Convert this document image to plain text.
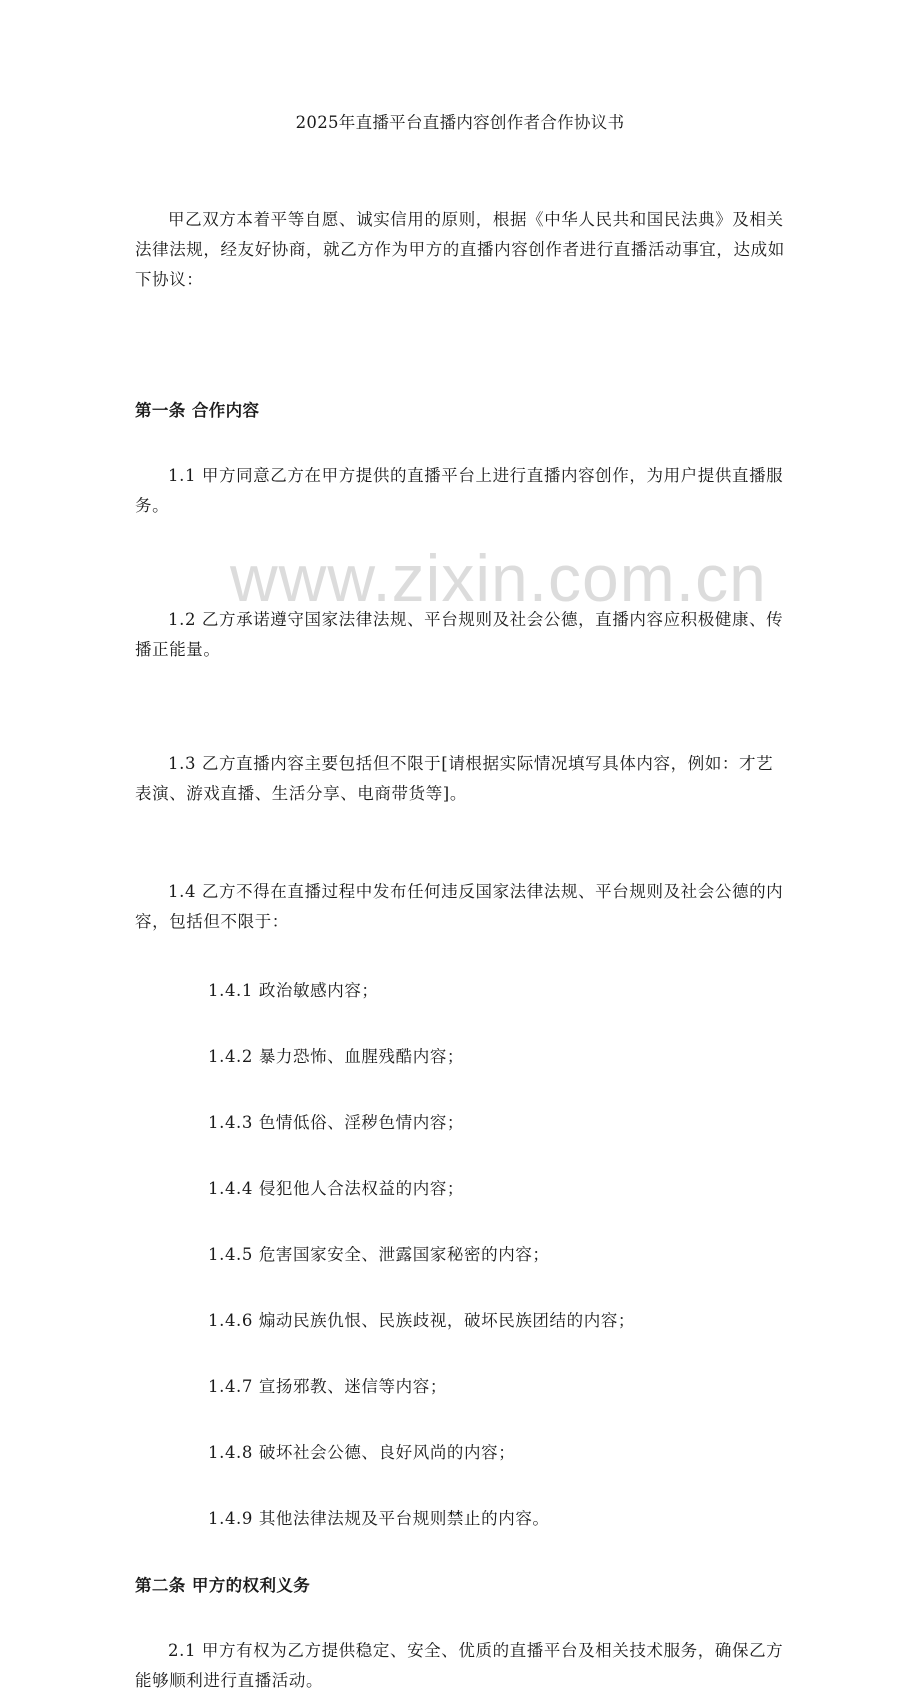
www.zixin.com.cn
2025年直播平台直播内容创作者合作协议书

甲乙双方本着平等自愿、诚实信用的原则，根据《中华人民共和国民法典》及相关法律法规，经友好协商，就乙方作为甲方的直播内容创作者进行直播活动事宜，达成如下协议：

第一条 合作内容

1.1 甲方同意乙方在甲方提供的直播平台上进行直播内容创作，为用户提供直播服务。

1.2 乙方承诺遵守国家法律法规、平台规则及社会公德，直播内容应积极健康、传播正能量。

1.3 乙方直播内容主要包括但不限于[请根据实际情况填写具体内容，例如：才艺表演、游戏直播、生活分享、电商带货等]。

1.4 乙方不得在直播过程中发布任何违反国家法律法规、平台规则及社会公德的内容，包括但不限于：

1.4.1 政治敏感内容；
1.4.2 暴力恐怖、血腥残酷内容；
1.4.3 色情低俗、淫秽色情内容；
1.4.4 侵犯他人合法权益的内容；
1.4.5 危害国家安全、泄露国家秘密的内容；
1.4.6 煽动民族仇恨、民族歧视，破坏民族团结的内容；
1.4.7 宣扬邪教、迷信等内容；
1.4.8 破坏社会公德、良好风尚的内容；
1.4.9 其他法律法规及平台规则禁止的内容。
第二条 甲方的权利义务

2.1 甲方有权为乙方提供稳定、安全、优质的直播平台及相关技术服务，确保乙方能够顺利进行直播活动。
